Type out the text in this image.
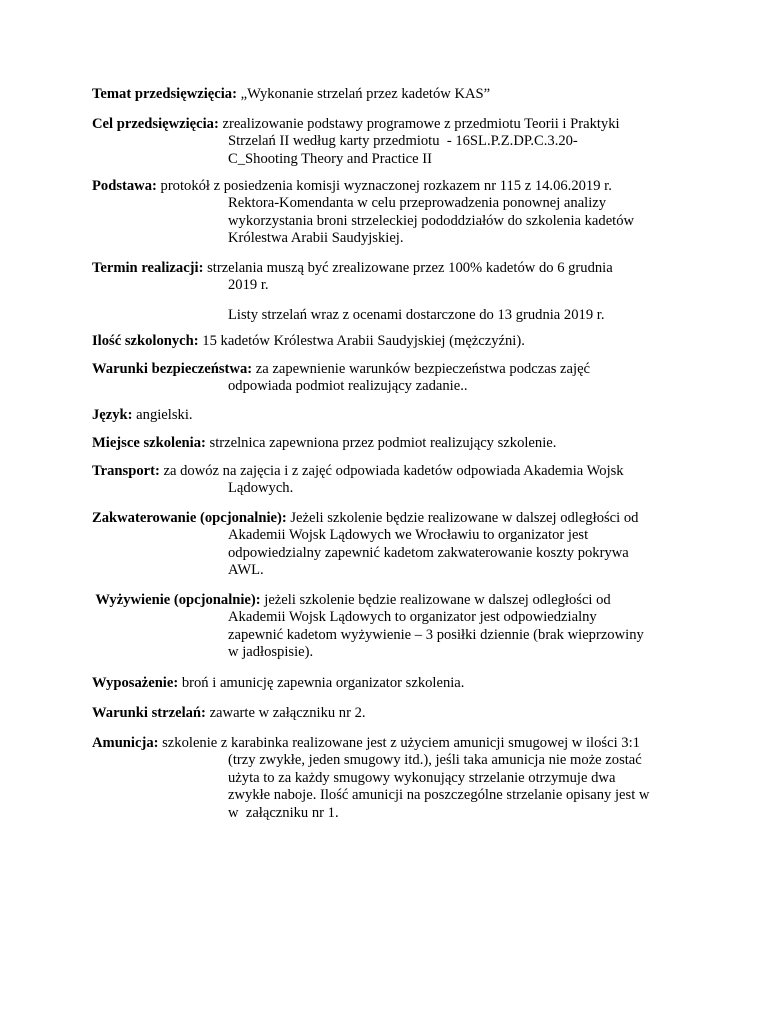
Temat przedsięwzięcia: „Wykonanie strzelań przez kadetów KAS”
Cel przedsięwzięcia: zrealizowanie podstawy programowe z przedmiotu Teorii i Praktyki
Strzelań II według karty przedmiotu  - 16SL.P.Z.DP.C.3.20-
C_Shooting Theory and Practice II
Podstawa: protokół z posiedzenia komisji wyznaczonej rozkazem nr 115 z 14.06.2019 r.
Rektora-Komendanta w celu przeprowadzenia ponownej analizy
wykorzystania broni strzeleckiej pododdziałów do szkolenia kadetów
Królestwa Arabii Saudyjskiej.
Termin realizacji: strzelania muszą być zrealizowane przez 100% kadetów do 6 grudnia
2019 r.
Listy strzelań wraz z ocenami dostarczone do 13 grudnia 2019 r.
Ilość szkolonych: 15 kadetów Królestwa Arabii Saudyjskiej (mężczyźni).
Warunki bezpieczeństwa: za zapewnienie warunków bezpieczeństwa podczas zajęć
odpowiada podmiot realizujący zadanie..
Język: angielski.
Miejsce szkolenia: strzelnica zapewniona przez podmiot realizujący szkolenie.
Transport: za dowóz na zajęcia i z zajęć odpowiada kadetów odpowiada Akademia Wojsk
Lądowych.
Zakwaterowanie (opcjonalnie): Jeżeli szkolenie będzie realizowane w dalszej odległości od
Akademii Wojsk Lądowych we Wrocławiu to organizator jest
odpowiedzialny zapewnić kadetom zakwaterowanie koszty pokrywa
AWL.
Wyżywienie (opcjonalnie): jeżeli szkolenie będzie realizowane w dalszej odległości od
Akademii Wojsk Lądowych to organizator jest odpowiedzialny
zapewnić kadetom wyżywienie – 3 posiłki dziennie (brak wieprzowiny
w jadłospisie).
Wyposażenie: broń i amunicję zapewnia organizator szkolenia.
Warunki strzelań: zawarte w załączniku nr 2.
Amunicja: szkolenie z karabinka realizowane jest z użyciem amunicji smugowej w ilości 3:1
(trzy zwykłe, jeden smugowy itd.), jeśli taka amunicja nie może zostać
użyta to za każdy smugowy wykonujący strzelanie otrzymuje dwa
zwykłe naboje. Ilość amunicji na poszczególne strzelanie opisany jest w
w  załączniku nr 1.
